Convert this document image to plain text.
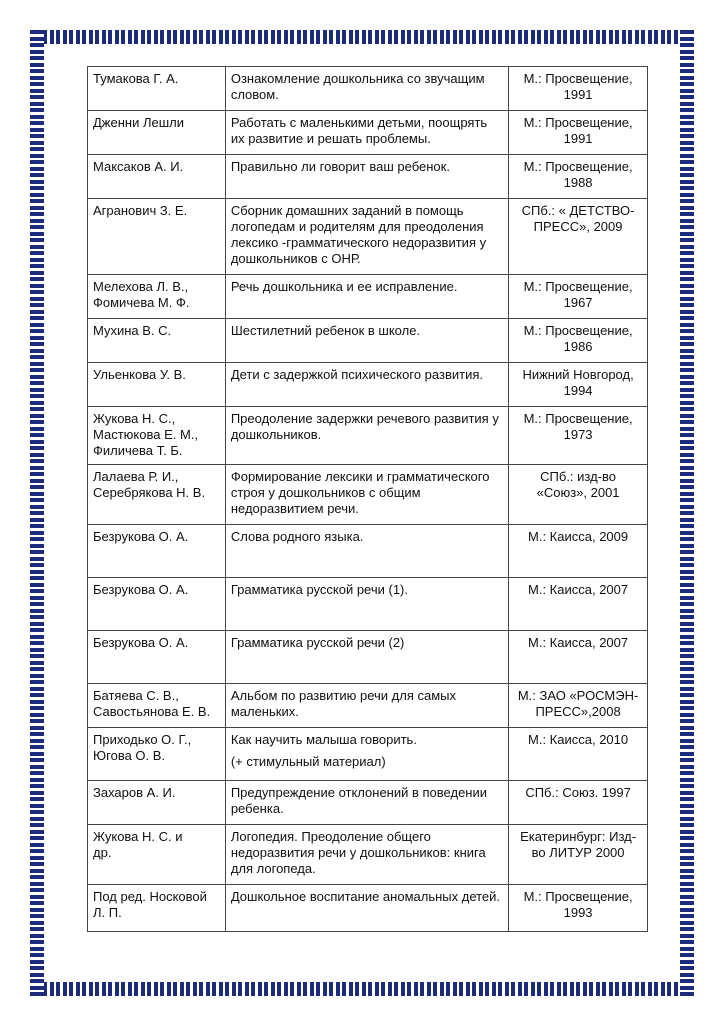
Тумакова Г. А.	Ознакомление дошкольника со звучащим словом.	М.: Просвещение, 1991

Дженни Лешли	Работать с маленькими детьми, поощрять их развитие и решать проблемы.	М.: Просвещение, 1991

Максаков А. И.	Правильно ли говорит ваш ребенок.	М.: Просвещение, 1988

Агранович З. Е.	Сборник домашних заданий в помощь логопедам и родителям для преодоления лексико -грамматического недоразвития у дошкольников с ОНР.	СПб.: « ДЕТСТВО-ПРЕСС», 2009

Мелехова Л. В.,
Фомичева М. Ф.	Речь дошкольника и ее исправление.	М.: Просвещение, 1967

Мухина В. С.	Шестилетний ребенок в школе.	М.: Просвещение, 1986

Ульенкова У. В.	Дети с задержкой психического развития.	Нижний Новгород, 1994

Жукова Н. С.,
Мастюкова Е. М.,
Филичева Т. Б.	Преодоление задержки речевого развития у дошкольников.	М.: Просвещение, 1973

Лалаева Р. И.,
Серебрякова Н. В.	Формирование лексики и грамматического строя у дошкольников с общим недоразвитием речи.	СПб.: изд-во «Союз», 2001

Безрукова О. А.	Слова родного языка.	М.: Каисса, 2009

Безрукова О. А.	Грамматика русской речи (1).	М.: Каисса, 2007

Безрукова О. А.	Грамматика русской речи (2)	М.: Каисса, 2007

Батяева С. В.,
Савостьянова Е. В.	Альбом по развитию речи для самых маленьких.	М.: ЗАО «РОСМЭН-ПРЕСС»,2008

Приходько О. Г.,
Югова О. В.	Как научить малыша говорить.
(+ стимульный материал)	М.: Каисса, 2010

Захаров А. И.	Предупреждение отклонений в поведении ребенка.	СПб.: Союз. 1997

Жукова Н. С. и
др.	Логопедия. Преодоление общего недоразвития речи у дошкольников: книга для логопеда.	Екатеринбург: Изд-во ЛИТУР 2000

Под ред. Носковой
Л. П.	Дошкольное воспитание аномальных детей.	М.: Просвещение, 1993
